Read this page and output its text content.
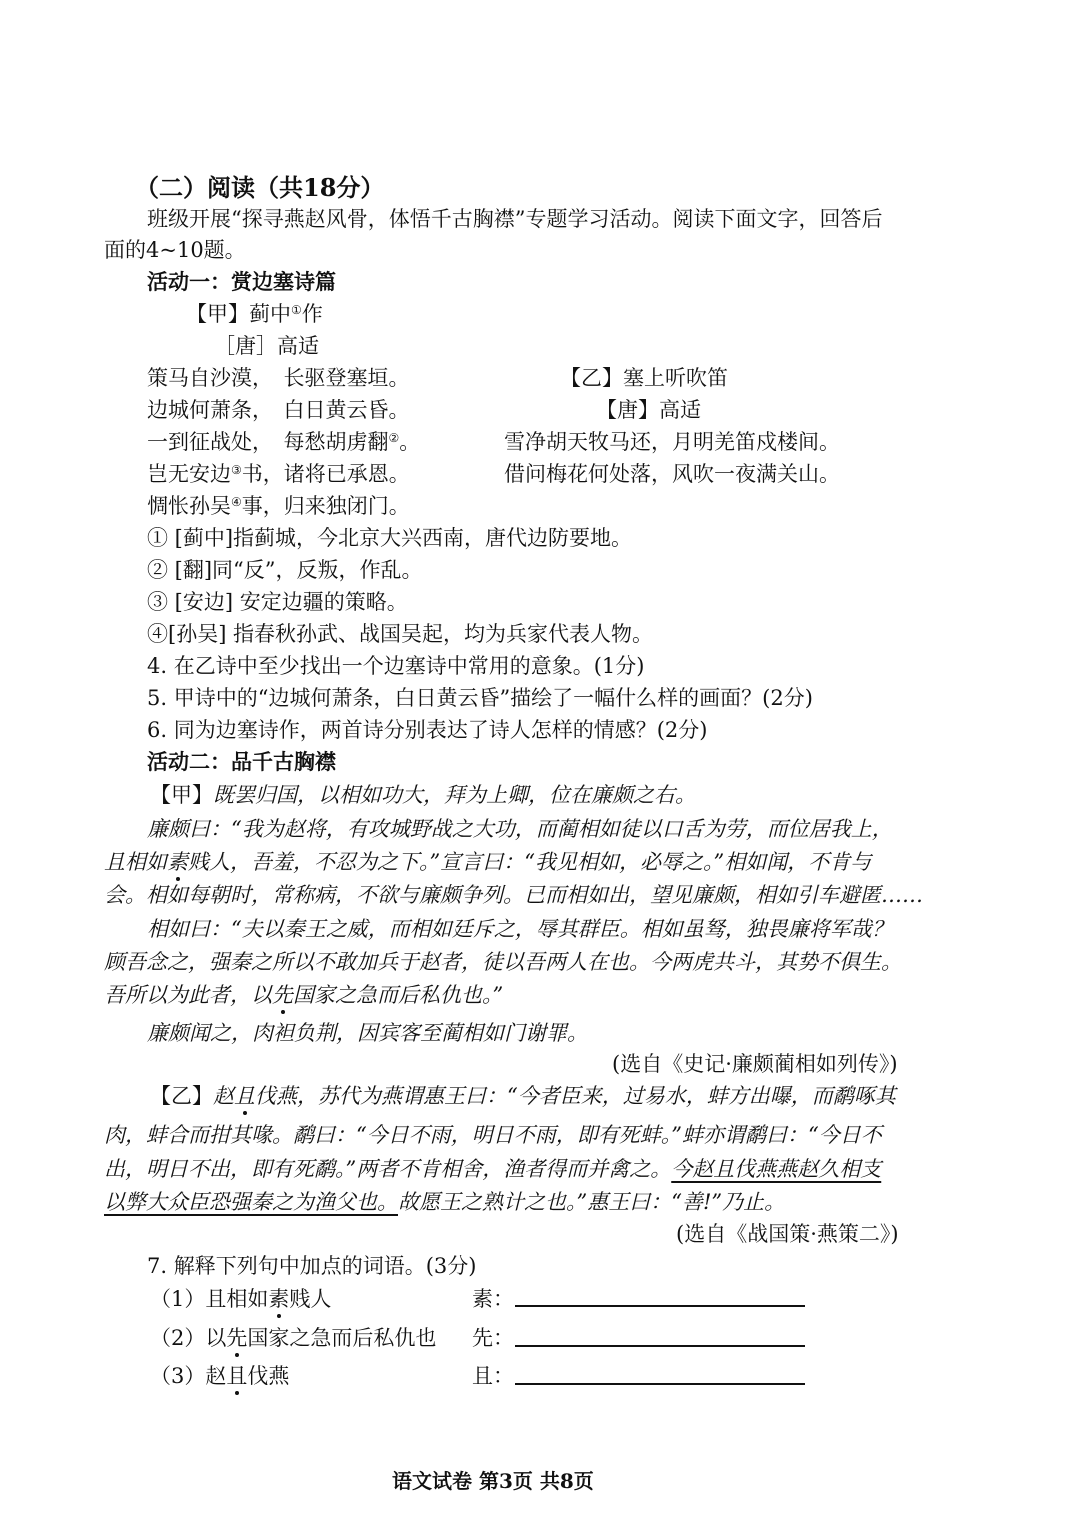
（二）阅读（共18分）
班级开展“探寻燕赵风骨，体悟千古胸襟”专题学习活动。阅读下面文字，回答后
面的4~10题。
活动一：赏边塞诗篇
【甲】蓟中①作
［唐］高适
策马自沙漠，　长驱登塞垣。
边城何萧条，　白日黄云昏。
一到征战处，　每愁胡虏翻②。
岂无安边③书，诸将已承恩。
惆怅孙吴④事，归来独闭门。
【乙】塞上听吹笛
【唐】高适
雪净胡天牧马还，月明羌笛戍楼间。
借问梅花何处落，风吹一夜满关山。
① [蓟中]指蓟城，今北京大兴西南，唐代边防要地。
② [翻]同“反”，反叛，作乱。
③ [安边] 安定边疆的策略。
④[孙吴] 指春秋孙武、战国吴起，均为兵家代表人物。
4. 在乙诗中至少找出一个边塞诗中常用的意象。(1分)
5. 甲诗中的“边城何萧条，白日黄云昏”描绘了一幅什么样的画面？(2分)
6. 同为边塞诗作，两首诗分别表达了诗人怎样的情感？(2分)
活动二：品千古胸襟
【甲】既罢归国，以相如功大，拜为上卿，位在廉颇之右。
廉颇曰：“我为赵将，有攻城野战之大功，而蔺相如徒以口舌为劳，而位居我上，
且相如素贱人，吾羞，不忍为之下。”宣言曰：“我见相如，必辱之。”相如闻，不肯与
会。相如每朝时，常称病，不欲与廉颇争列。已而相如出，望见廉颇，相如引车避匿……
相如曰：“夫以秦王之威，而相如廷斥之，辱其群臣。相如虽驽，独畏廉将军哉？
顾吾念之，强秦之所以不敢加兵于赵者，徒以吾两人在也。今两虎共斗，其势不俱生。
吾所以为此者，以先国家之急而后私仇也。”
廉颇闻之，肉袒负荆，因宾客至蔺相如门谢罪。
(选自《史记·廉颇蔺相如列传》)
【乙】赵且伐燕，苏代为燕谓惠王曰：“今者臣来，过易水，蚌方出曝，而鹬啄其
肉，蚌合而拑其喙。鹬曰：“今日不雨，明日不雨，即有死蚌。”蚌亦谓鹬曰：“今日不
出，明日不出，即有死鹬。”两者不肯相舍，渔者得而并禽之。今赵且伐燕燕赵久相支
以弊大众臣恐强秦之为渔父也。故愿王之熟计之也。”惠王曰：“善!”乃止。
(选自《战国策·燕策二》)
7. 解释下列句中加点的词语。(3分)
（1）且相如素贱人	素：
（2）以先国家之急而后私仇也 先：
（3）赵且伐燕	且：
语文试卷 第3页 共8页
